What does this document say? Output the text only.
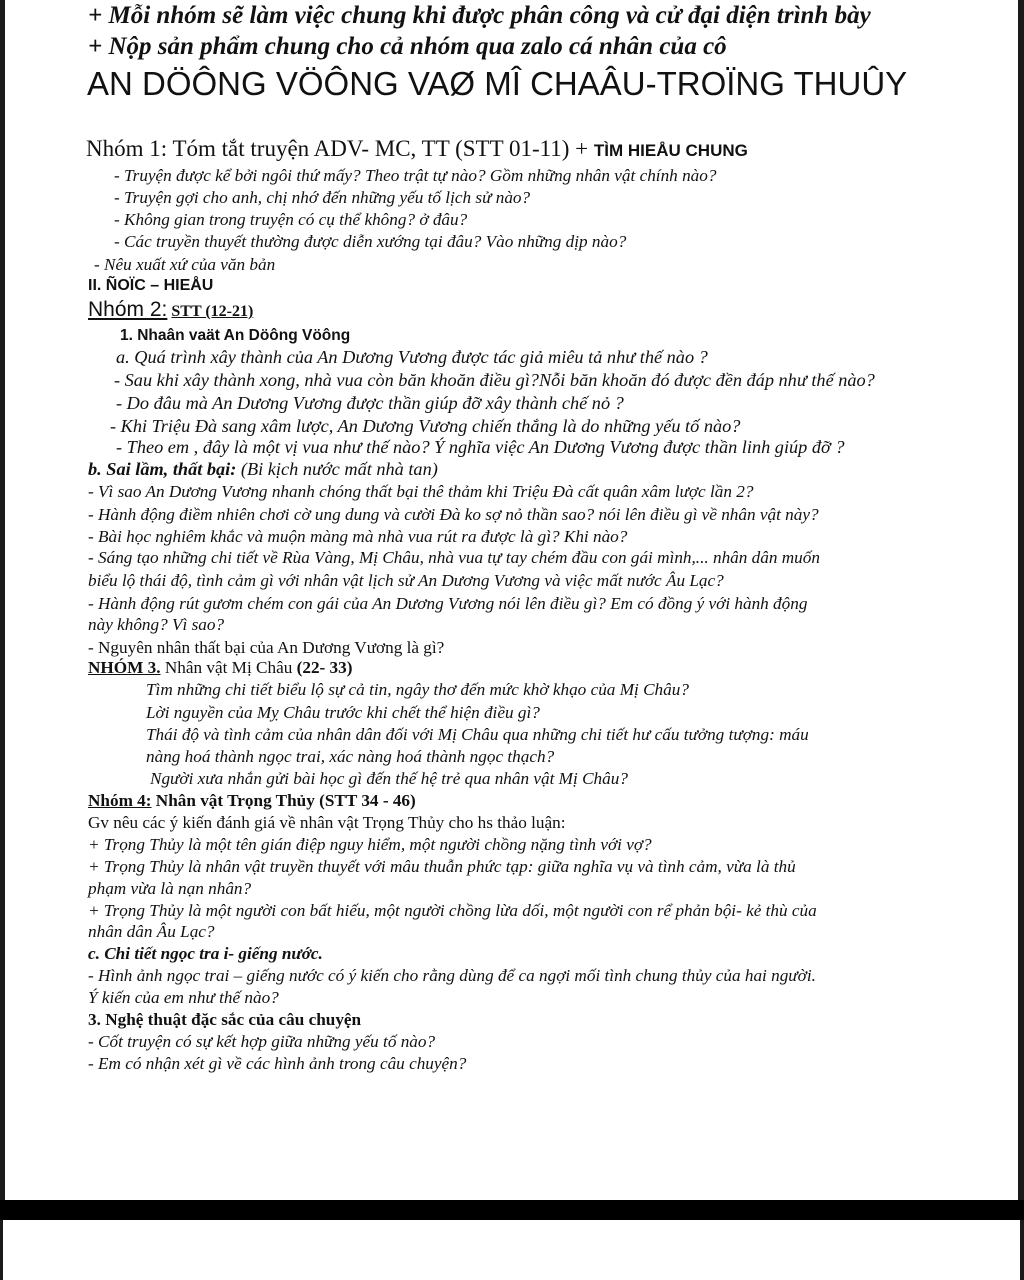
+ Mỗi nhóm sẽ làm việc chung khi được phân công và cử đại diện trình bày
+ Nộp sản phẩm chung cho cả nhóm qua zalo cá nhân của cô
AN DÖÔNG VÖÔNG VAØ MÎ CHAÂU-TROÏNG THUÛY
Nhóm 1: Tóm tắt truyện ADV- MC, TT (STT 01-11) + TÌM HIEÅU CHUNG
- Truyện được kể bởi ngôi thứ mấy? Theo trật tự nào? Gồm những nhân vật chính nào?
- Truyện gợi cho anh, chị nhớ đến những yếu tố lịch sử nào?
- Không gian trong truyện có cụ thể không? ở đâu?
- Các truyền thuyết thường được diễn xướng tại đâu? Vào những dịp nào?
- Nêu xuất xứ của văn bản
II. ÑOÏC – HIEÅU
Nhóm 2: STT (12-21)
1. Nhaân vaät An Döông Vöông
a. Quá trình xây thành của An Dương Vương được tác giả miêu tả như thế nào ?
- Sau khi xây thành xong, nhà vua còn băn khoăn điều gì?Nỗi băn khoăn đó được đền đáp như thế nào?
- Do đâu mà An Dương Vương được thần giúp đỡ xây thành chế nỏ ?
- Khi Triệu Đà sang xâm lược, An Dương Vương chiến thắng là do những yếu tố nào?
- Theo em , đây là một vị vua như thế nào? Ý nghĩa việc An Dương Vương được thần linh giúp đỡ ?
b. Sai lầm, thất bại: (Bi kịch nước mất nhà tan)
- Vì sao An Dương Vương nhanh chóng thất bại thê thảm khi Triệu Đà cất quân xâm lược lần 2?
- Hành động điềm nhiên chơi cờ ung dung và cười Đà ko sợ nỏ thần sao? nói lên điều gì về nhân vật này?
- Bài học nghiêm khắc và muộn màng mà nhà vua rút ra được là gì? Khi nào?
- Sáng tạo những chi tiết về Rùa Vàng, Mị Châu, nhà vua tự tay chém đầu con gái mình,... nhân dân muốn
biểu lộ thái độ, tình cảm gì với nhân vật lịch sử An Dương Vương và việc mất nước Âu Lạc?
- Hành động rút gươm chém con gái của An Dương Vương nói lên điều gì? Em có đồng ý với hành động
này không? Vì sao?
- Nguyên nhân thất bại của An Dương Vương là gì?
NHÓM 3. Nhân vật Mị Châu (22- 33)
Tìm những chi tiết biểu lộ sự cả tin, ngây thơ đến mức khờ khạo của Mị Châu?
Lời nguyền của Mỵ Châu trước khi chết thể hiện điều gì?
Thái độ và tình cảm của nhân dân đối với Mị Châu qua những chi tiết hư cấu tưởng tượng: máu
nàng hoá thành ngọc trai, xác nàng hoá thành ngọc thạch?
Người xưa nhắn gửi bài học gì đến thế hệ trẻ qua nhân vật Mị Châu?
Nhóm 4: Nhân vật Trọng Thủy (STT 34 - 46)
Gv nêu các ý kiến đánh giá về nhân vật Trọng Thủy cho hs thảo luận:
+ Trọng Thủy là một tên gián điệp nguy hiểm, một người chồng nặng tình với vợ?
+ Trọng Thủy là nhân vật truyền thuyết với mâu thuẫn phức tạp: giữa nghĩa vụ và tình cảm, vừa là thủ
phạm vừa là nạn nhân?
+ Trọng Thủy là một người con bất hiếu, một người chồng lừa dối, một người con rể phản bội- kẻ thù của
nhân dân Âu Lạc?
c. Chi tiết ngọc tra i- giếng nước.
- Hình ảnh ngọc trai – giếng nước có ý kiến cho rằng dùng để ca ngợi mối tình chung thủy của hai người.
Ý kiến của em như thế nào?
3. Nghệ thuật đặc sắc của câu chuyện
- Cốt truyện có sự kết hợp giữa những yếu tố nào?
- Em có nhận xét gì về các hình ảnh trong câu chuyện?
